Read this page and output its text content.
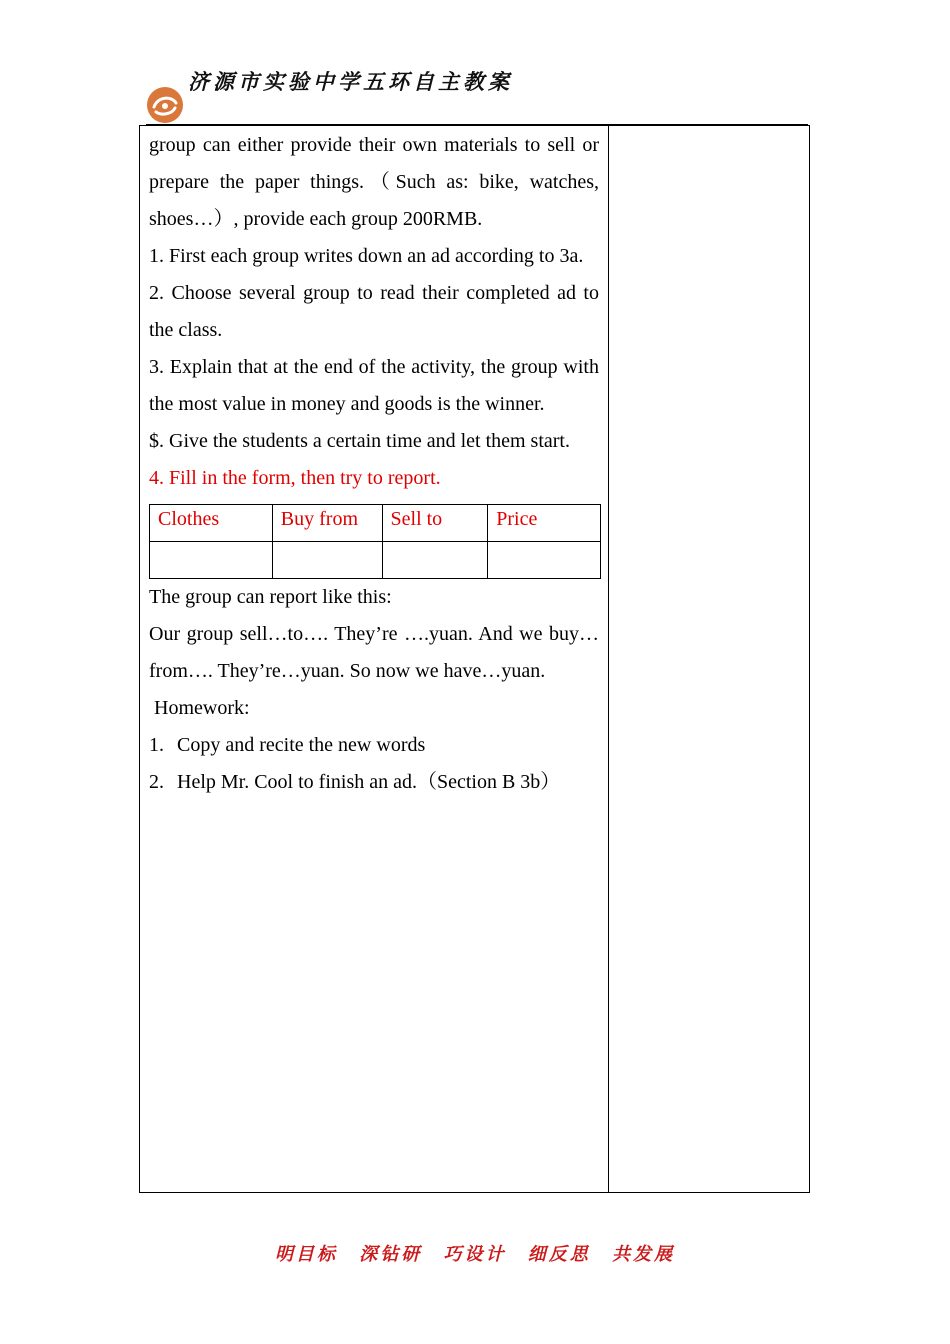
济源市实验中学五环自主教案

group can either provide their own materials to sell or prepare the paper things.（Such as: bike, watches, shoes…）, provide each group 200RMB.

1. First each group writes down an ad according to 3a.

2. Choose several group to read their completed ad to the class.

3. Explain that at the end of the activity, the group with the most value in money and goods is the winner.

$. Give the students a certain time and let them start.

4. Fill in the form, then try to report.

Clothes	Buy from	Sell to	Price

The group can report like this:

Our group sell…to…. They’re ….yuan. And we buy…from…. They’re…yuan. So now we have…yuan.

Homework:

1. Copy and recite the new words

2. Help Mr. Cool to finish an ad.（Section B 3b）

明目标 深钻研 巧设计 细反思 共发展
